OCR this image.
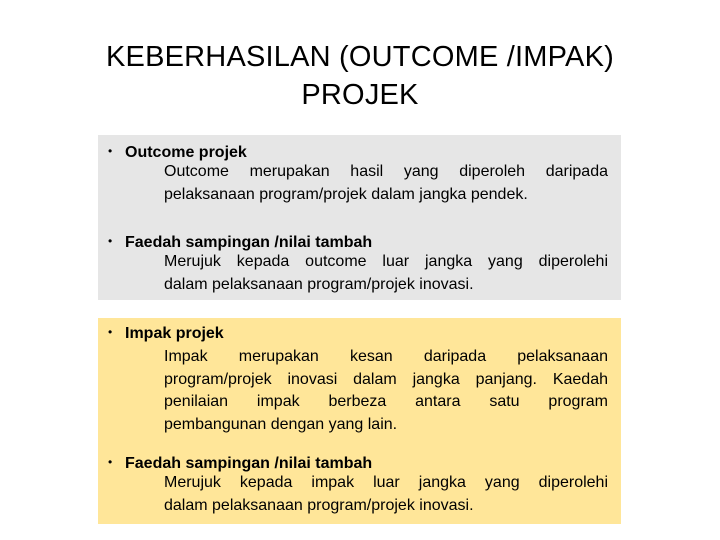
KEBERHASILAN (OUTCOME /IMPAK)
PROJEK
• Outcome projek
Outcome merupakan hasil yang diperoleh daripada
pelaksanaan program/projek dalam jangka pendek.
• Faedah sampingan /nilai tambah
Merujuk kepada outcome luar jangka yang diperolehi
dalam pelaksanaan program/projek inovasi.
• Impak projek
Impak merupakan kesan daripada pelaksanaan
program/projek inovasi dalam jangka panjang. Kaedah
penilaian impak berbeza antara satu program
pembangunan dengan yang lain.
• Faedah sampingan /nilai tambah
Merujuk kepada impak luar jangka yang diperolehi
dalam pelaksanaan program/projek inovasi.
